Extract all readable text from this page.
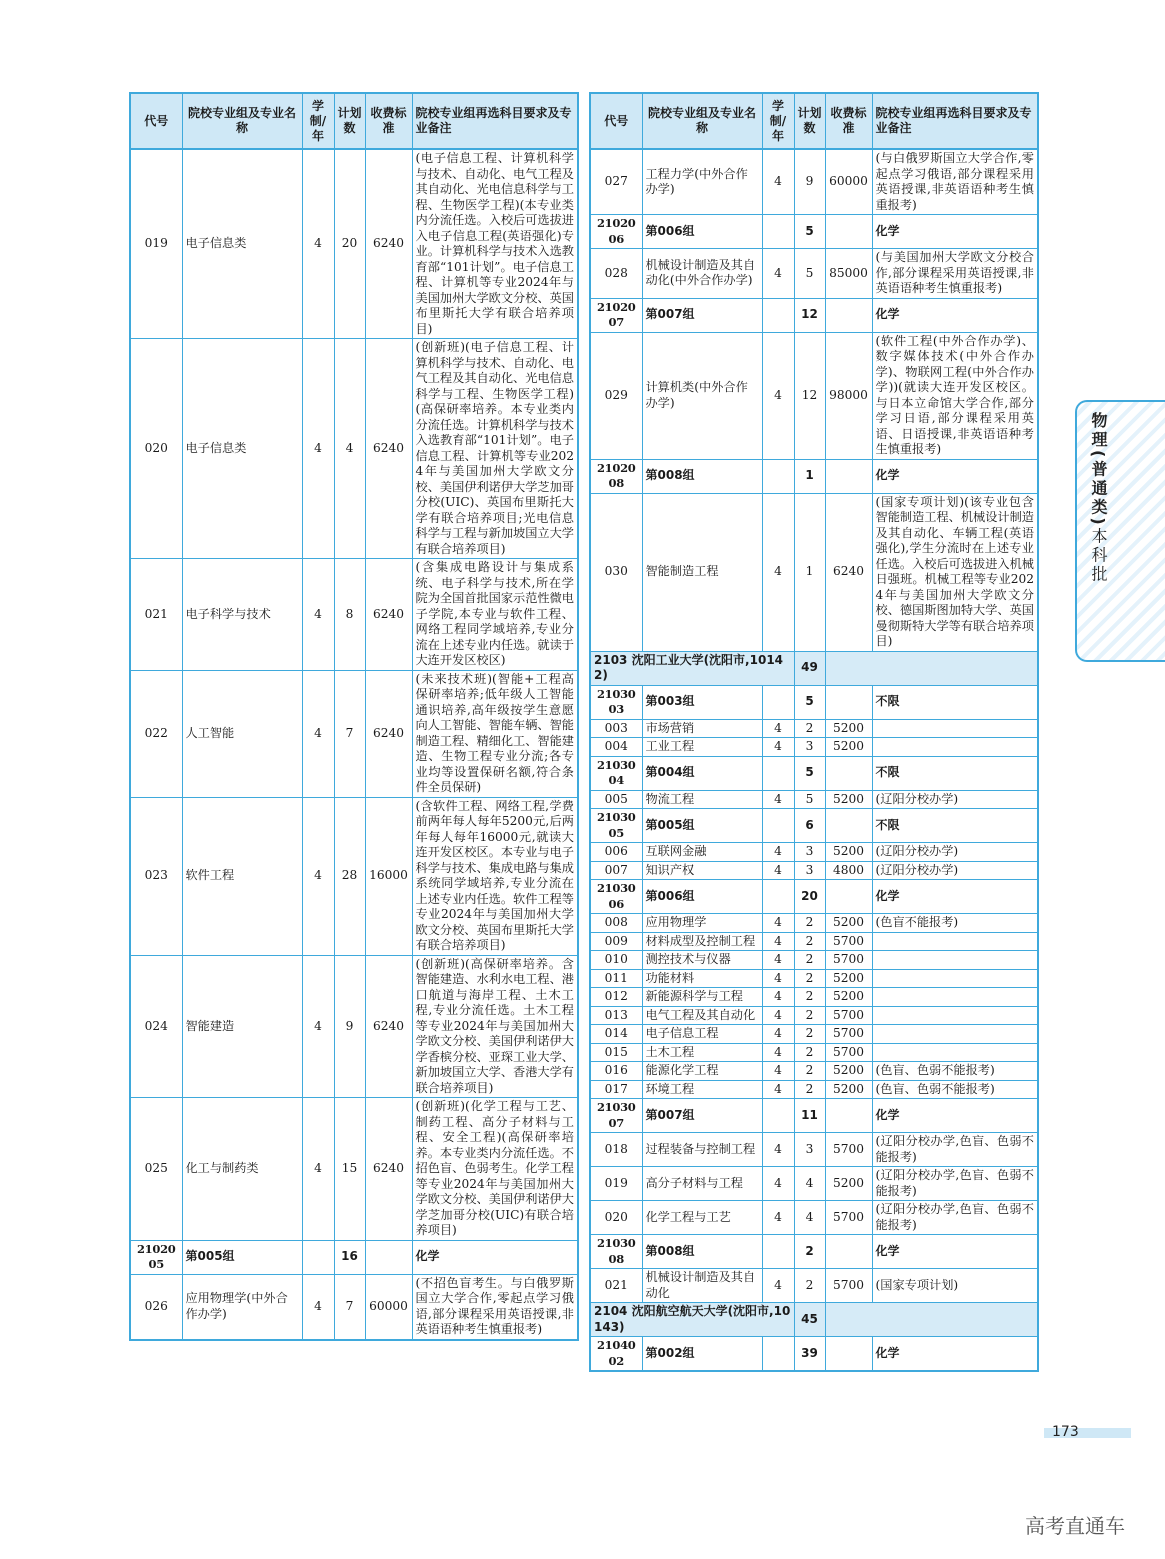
代号	院校专业组及专业名称	学制/年	计划数	收费标准	院校专业组再选科目要求及专业备注
019	电子信息类	4	20	6240	(电子信息工程、计算机科学与技术、自动化、电气工程及其自动化、光电信息科学与工程、生物医学工程)(本专业类内分流任选。入校后可选拔进入电子信息工程(英语强化)专业。计算机科学与技术入选教育部“101计划”。电子信息工程、计算机等专业2024年与美国加州大学欧文分校、英国布里斯托大学有联合培养项目)
020	电子信息类	4	4	6240	(创新班)(电子信息工程、计算机科学与技术、自动化、电气工程及其自动化、光电信息科学与工程、生物医学工程)(高保研率培养。本专业类内分流任选。计算机科学与技术入选教育部“101计划”。电子信息工程、计算机等专业2024年与美国加州大学欧文分校、美国伊利诺伊大学芝加哥分校(UIC)、英国布里斯托大学有联合培养项目;光电信息科学与工程与新加坡国立大学有联合培养项目)
021	电子科学与技术	4	8	6240	(含集成电路设计与集成系统、电子科学与技术,所在学院为全国首批国家示范性微电子学院,本专业与软件工程、网络工程同学域培养,专业分流在上述专业内任选。就读于大连开发区校区)
022	人工智能	4	7	6240	(未来技术班)(智能+工程高保研率培养;低年级人工智能通识培养,高年级按学生意愿向人工智能、智能车辆、智能制造工程、精细化工、智能建造、生物工程专业分流;各专业均等设置保研名额,符合条件全员保研)
023	软件工程	4	28	16000	(含软件工程、网络工程,学费前两年每人每年5200元,后两年每人每年16000元,就读大连开发区校区。本专业与电子科学与技术、集成电路与集成系统同学域培养,专业分流在上述专业内任选。软件工程等专业2024年与美国加州大学欧文分校、英国布里斯托大学有联合培养项目)
024	智能建造	4	9	6240	(创新班)(高保研率培养。含智能建造、水利水电工程、港口航道与海岸工程、土木工程,专业分流任选。土木工程等专业2024年与美国加州大学欧文分校、美国伊利诺伊大学香槟分校、亚琛工业大学、新加坡国立大学、香港大学有联合培养项目)
025	化工与制药类	4	15	6240	(创新班)(化学工程与工艺、制药工程、高分子材料与工程、安全工程)(高保研率培养。本专业类内分流任选。不招色盲、色弱考生。化学工程等专业2024年与美国加州大学欧文分校、美国伊利诺伊大学芝加哥分校(UIC)有联合培养项目)
2102005	第005组		16		化学
026	应用物理学(中外合作办学)	4	7	60000	(不招色盲考生。与白俄罗斯国立大学合作,零起点学习俄语,部分课程采用英语授课,非英语语种考生慎重报考)
代号	院校专业组及专业名称	学制/年	计划数	收费标准	院校专业组再选科目要求及专业备注
027	工程力学(中外合作办学)	4	9	60000	(与白俄罗斯国立大学合作,零起点学习俄语,部分课程采用英语授课,非英语语种考生慎重报考)
2102006	第006组		5		化学
028	机械设计制造及其自动化(中外合作办学)	4	5	85000	(与美国加州大学欧文分校合作,部分课程采用英语授课,非英语语种考生慎重报考)
2102007	第007组		12		化学
029	计算机类(中外合作办学)	4	12	98000	(软件工程(中外合作办学)、数字媒体技术(中外合作办学)、物联网工程(中外合作办学))(就读大连开发区校区。与日本立命馆大学合作,部分学习日语,部分课程采用英语、日语授课,非英语语种考生慎重报考)
2102008	第008组		1		化学
030	智能制造工程	4	1	6240	(国家专项计划)(该专业包含智能制造工程、机械设计制造及其自动化、车辆工程(英语强化),学生分流时在上述专业任选。入校后可选拔进入机械日强班。机械工程等专业2024年与美国加州大学欧文分校、德国斯图加特大学、英国曼彻斯特大学等有联合培养项目)
2103 沈阳工业大学(沈阳市,10142)			49		
2103003	第003组		5		不限
003	市场营销	4	2	5200	
004	工业工程	4	3	5200	
2103004	第004组		5		不限
005	物流工程	4	5	5200	(辽阳分校办学)
2103005	第005组		6		不限
006	互联网金融	4	3	5200	(辽阳分校办学)
007	知识产权	4	3	4800	(辽阳分校办学)
2103006	第006组		20		化学
008	应用物理学	4	2	5200	(色盲不能报考)
009	材料成型及控制工程	4	2	5700	
010	测控技术与仪器	4	2	5700	
011	功能材料	4	2	5200	
012	新能源科学与工程	4	2	5200	
013	电气工程及其自动化	4	2	5700	
014	电子信息工程	4	2	5700	
015	土木工程	4	2	5700	
016	能源化学工程	4	2	5200	(色盲、色弱不能报考)
017	环境工程	4	2	5200	(色盲、色弱不能报考)
2103007	第007组		11		化学
018	过程装备与控制工程	4	3	5700	(辽阳分校办学,色盲、色弱不能报考)
019	高分子材料与工程	4	4	5200	(辽阳分校办学,色盲、色弱不能报考)
020	化学工程与工艺	4	4	5700	(辽阳分校办学,色盲、色弱不能报考)
2103008	第008组		2		化学
021	机械设计制造及其自动化	4	2	5700	(国家专项计划)
2104 沈阳航空航天大学(沈阳市,10143)			45		
2104002	第002组		39		化学
物理(普通类)本科批
173
高考直通车
